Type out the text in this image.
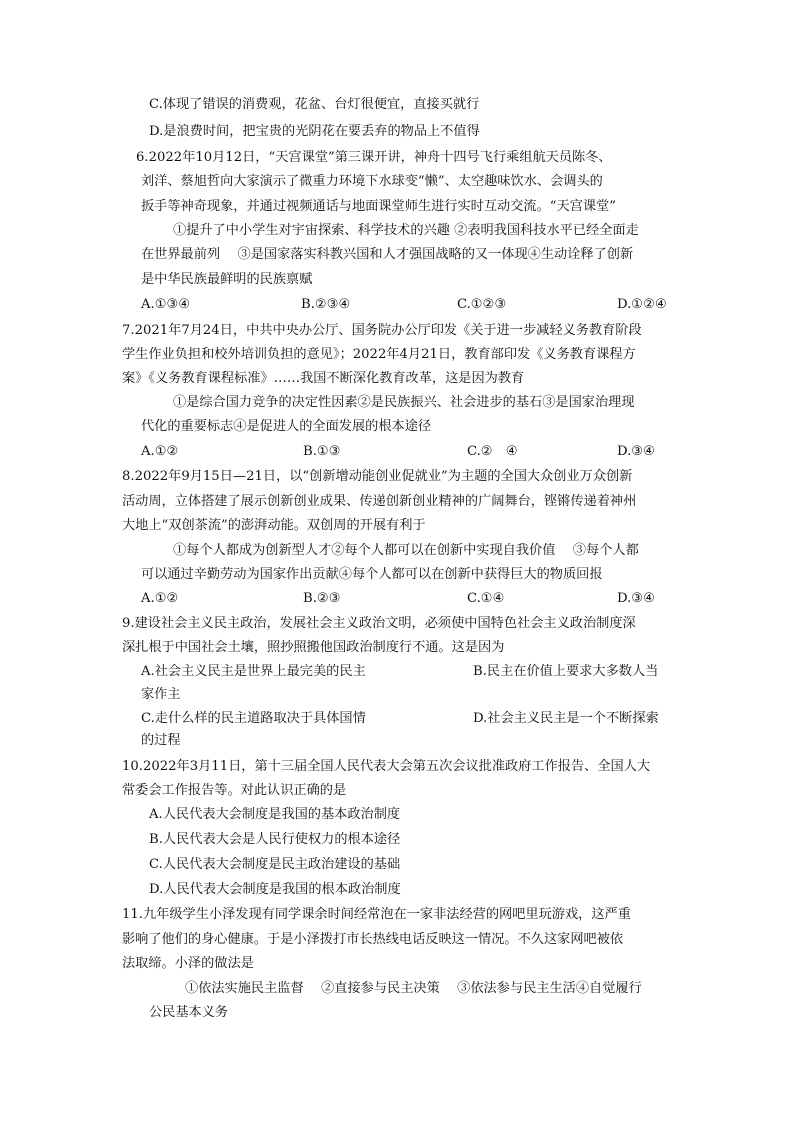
C.体现了错误的消费观，花盆、台灯很便宜，直接买就行
D.是浪费时间，把宝贵的光阴花在要丢弃的物品上不值得
6.2022年10月12日，“天宫课堂”第三课开讲，神舟十四号飞行乘组航天员陈冬、
刘洋、蔡旭哲向大家演示了微重力环境下水球变“懒”、太空趣味饮水、会调头的
扳手等神奇现象，并通过视频通话与地面课堂师生进行实时互动交流。“天宫课堂”
①提升了中小学生对宇宙探索、科学技术的兴趣 ②表明我国科技水平已经全面走
在世界最前列　 ③是国家落实科教兴国和人才强国战略的又一体现④生动诠释了创新
是中华民族最鲜明的民族禀赋
A.①③④	B.②③④	C.①②③	D.①②④
7.2021年7月24日，中共中央办公厅、国务院办公厅印发《关于进一步减轻义务教育阶段
学生作业负担和校外培训负担的意见》；2022年4月21日，教育部印发《义务教育课程方
案》《义务教育课程标准》……我国不断深化教育改革，这是因为教育
①是综合国力竞争的决定性因素②是民族振兴、社会进步的基石③是国家治理现
代化的重要标志④是促进人的全面发展的根本途径
A.①②	B.①③	C.②　④	D.③④
8.2022年9月15日—21日，以“创新增动能创业促就业”为主题的全国大众创业万众创新
活动周，立体搭建了展示创新创业成果、传递创新创业精神的广阔舞台，铿锵传递着神州
大地上“双创茶流”的澎湃动能。双创周的开展有利于
①每个人都成为创新型人才②每个人都可以在创新中实现自我价值　 ③每个人都
可以通过辛勤劳动为国家作出贡献④每个人都可以在创新中获得巨大的物质回报
A.①②	B.②③	C.①④	D.③④
9.建设社会主义民主政治，发展社会主义政治文明，必须使中国特色社会主义政治制度深
深扎根于中国社会土壤，照抄照搬他国政治制度行不通。这是因为
A.社会主义民主是世界上最完美的民主	B.民主在价值上要求大多数人当
家作主
C.走什么样的民主道路取决于具体国情	D.社会主义民主是一个不断探索
的过程
10.2022年3月11日，第十三届全国人民代表大会第五次会议批准政府工作报告、全国人大
常委会工作报告等。对此认识正确的是
A.人民代表大会制度是我国的基本政治制度
B.人民代表大会是人民行使权力的根本途径
C.人民代表大会制度是民主政治建设的基础
D.人民代表大会制度是我国的根本政治制度
11.九年级学生小泽发现有同学课余时间经常泡在一家非法经营的网吧里玩游戏，这严重
影响了他们的身心健康。于是小泽拨打市长热线电话反映这一情况。不久这家网吧被依
法取缔。小泽的做法是
①依法实施民主监督　 ②直接参与民主决策　 ③依法参与民主生活④自觉履行
公民基本义务
